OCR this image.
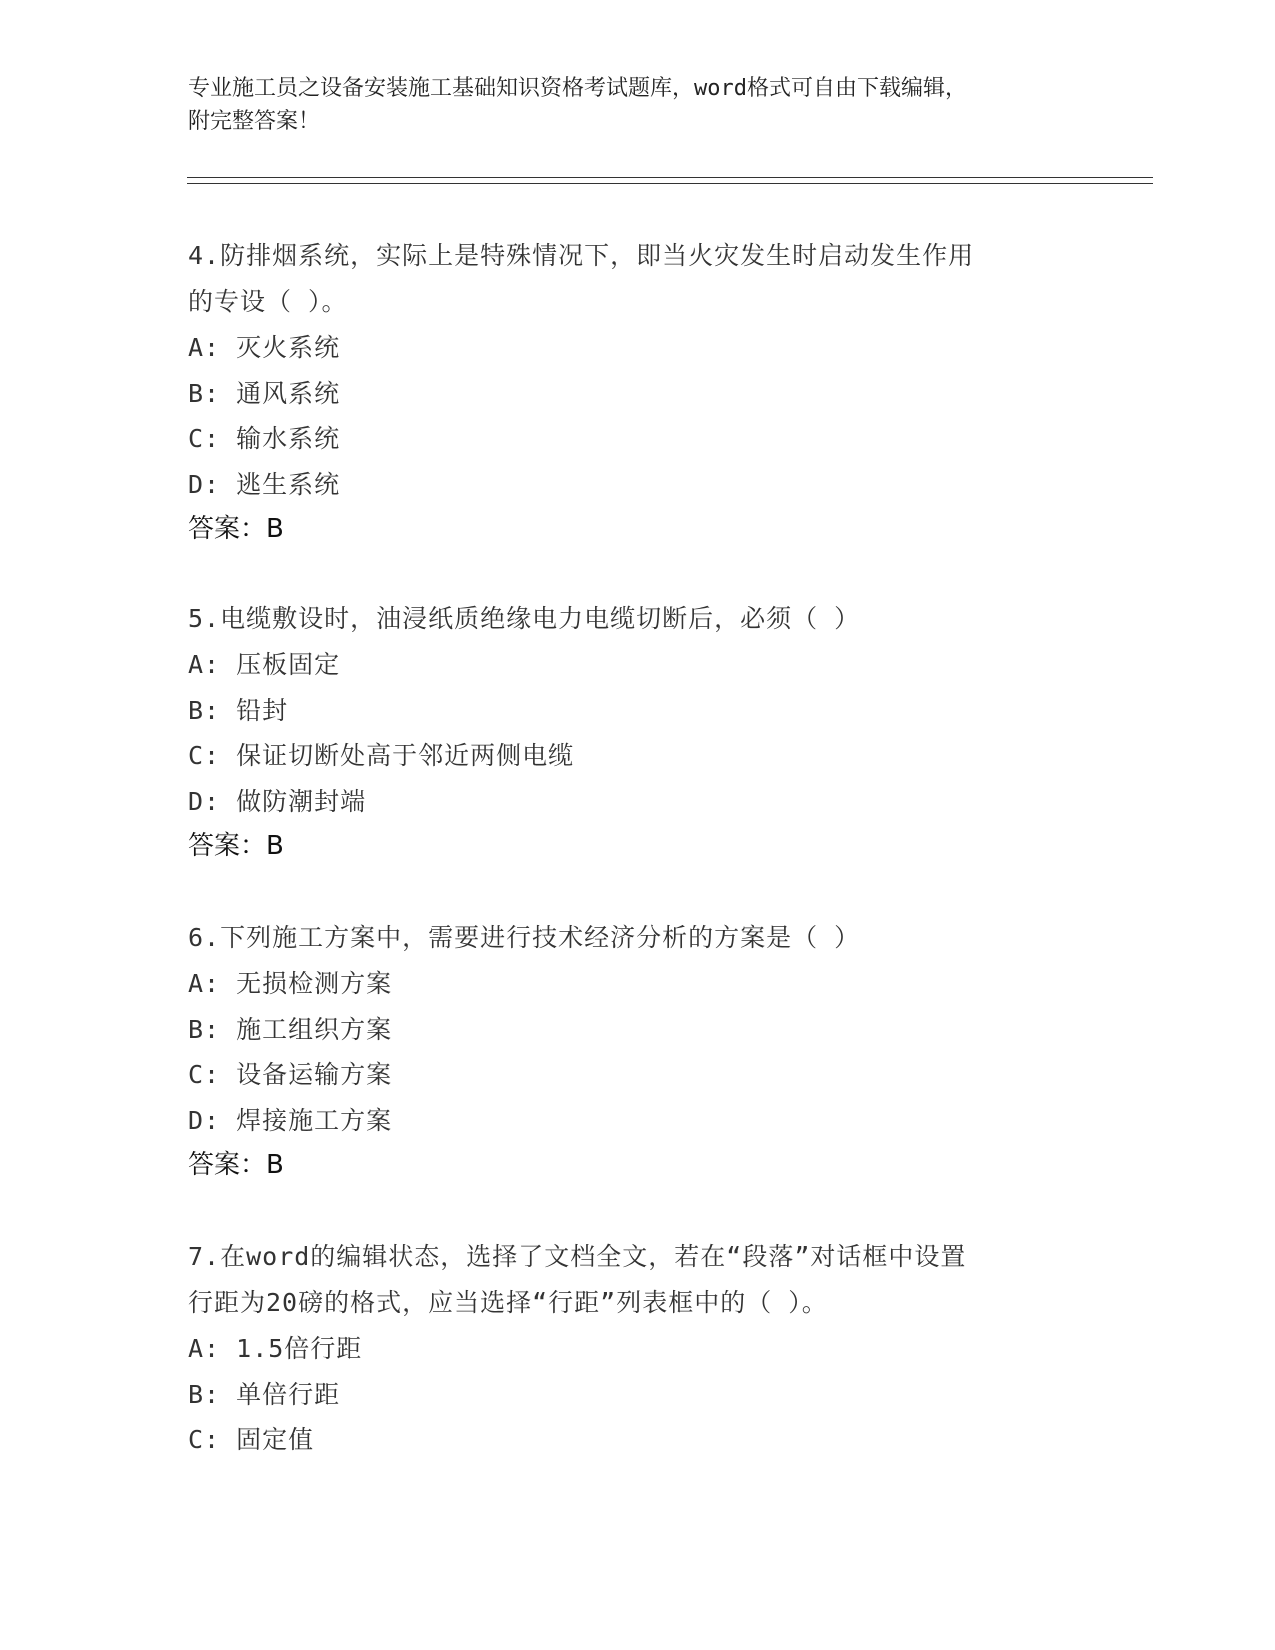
专业施工员之设备安装施工基础知识资格考试题库，word格式可自由下载编辑，
附完整答案！
4.防排烟系统，实际上是特殊情况下，即当火灾发生时启动发生作用
的专设（ ）。
A: 灭火系统
B: 通风系统
C: 输水系统
D: 逃生系统
答案：B
5.电缆敷设时，油浸纸质绝缘电力电缆切断后，必须（ ）
A: 压板固定
B: 铅封
C: 保证切断处高于邻近两侧电缆
D: 做防潮封端
答案：B
6.下列施工方案中，需要进行技术经济分析的方案是（ ）
A: 无损检测方案
B: 施工组织方案
C: 设备运输方案
D: 焊接施工方案
答案：B
7.在word的编辑状态，选择了文档全文，若在“段落”对话框中设置
行距为20磅的格式，应当选择“行距”列表框中的（ ）。
A: 1.5倍行距
B: 单倍行距
C: 固定值
